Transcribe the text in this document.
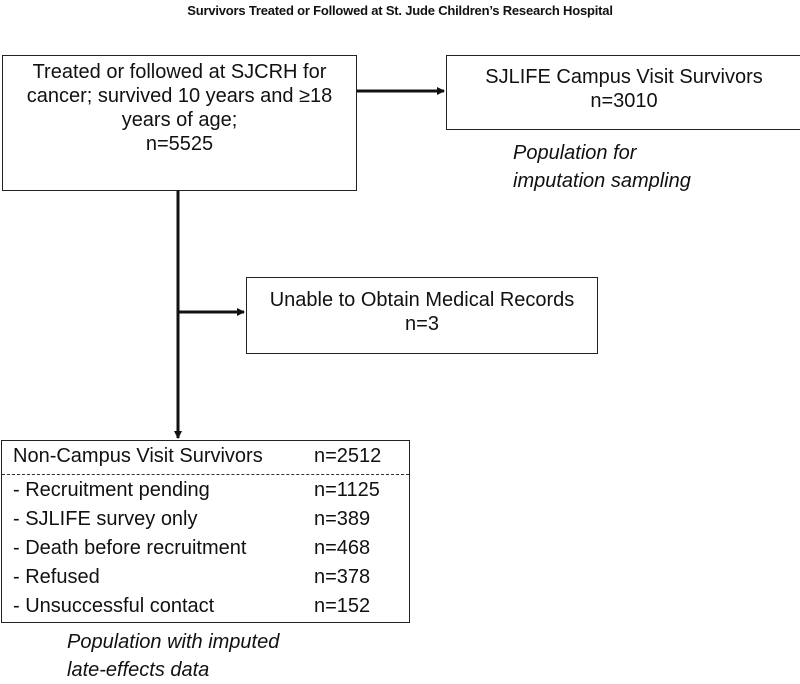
Survivors Treated or Followed at St. Jude Children’s Research Hospital
Treated or followed at SJCRH for
cancer; survived 10 years and ≥18
years of age;
n=5525
SJLIFE Campus Visit Survivors
n=3010
Population for
imputation sampling
Unable to Obtain Medical Records
n=3
Non-Campus Visit Survivors	n=2512
- Recruitment pending	n=1125
- SJLIFE survey only	n=389
- Death before recruitment	n=468
- Refused	n=378
- Unsuccessful contact	n=152
Population with imputed
late-effects data
